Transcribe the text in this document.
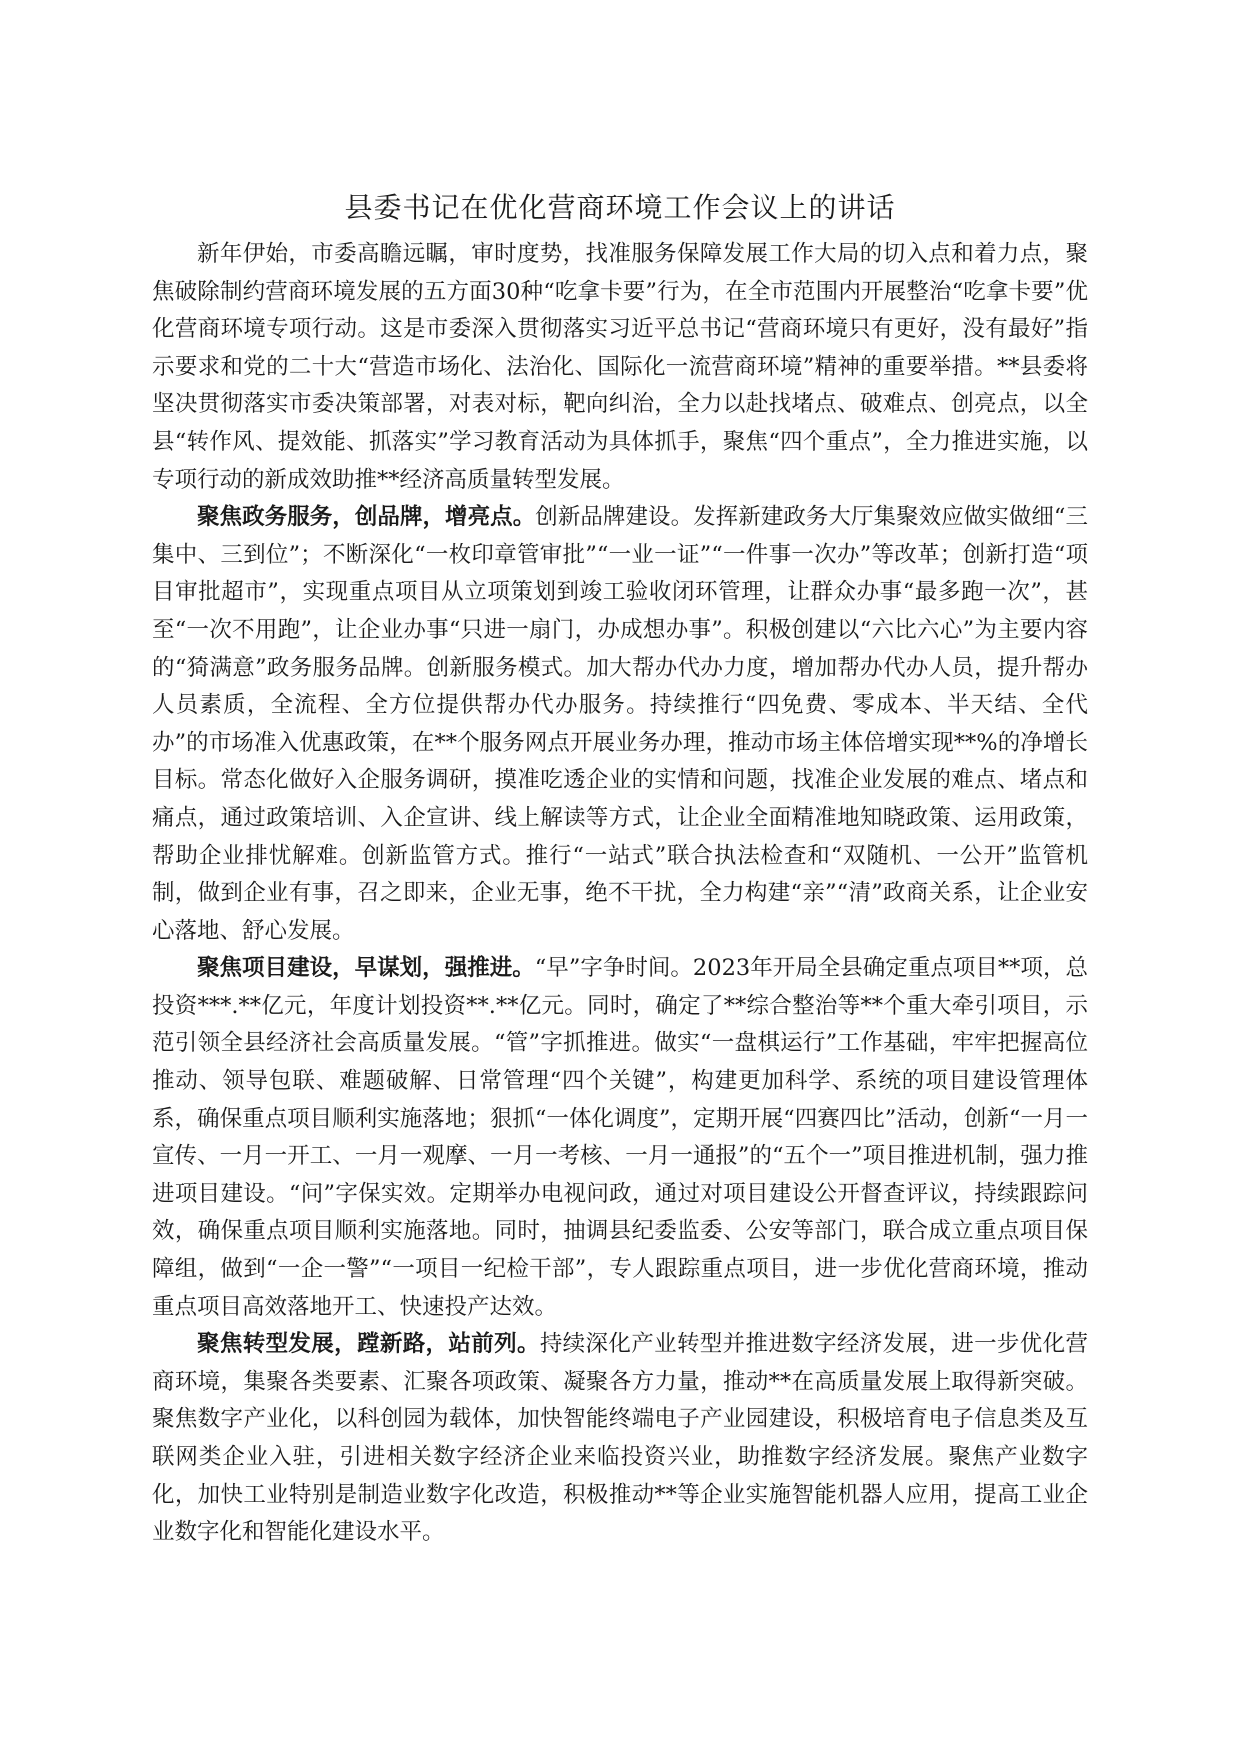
县委书记在优化营商环境工作会议上的讲话

新年伊始，市委高瞻远瞩，审时度势，找准服务保障发展工作大局的切入点和着力点，聚焦破除制约营商环境发展的五方面30种“吃拿卡要”行为，在全市范围内开展整治“吃拿卡要”优化营商环境专项行动。这是市委深入贯彻落实习近平总书记“营商环境只有更好，没有最好”指示要求和党的二十大“营造市场化、法治化、国际化一流营商环境”精神的重要举措。**县委将坚决贯彻落实市委决策部署，对表对标，靶向纠治，全力以赴找堵点、破难点、创亮点，以全县“转作风、提效能、抓落实”学习教育活动为具体抓手，聚焦“四个重点”，全力推进实施，以专项行动的新成效助推**经济高质量转型发展。

聚焦政务服务，创品牌，增亮点。创新品牌建设。发挥新建政务大厅集聚效应做实做细“三集中、三到位”；不断深化“一枚印章管审批”“一业一证”“一件事一次办”等改革；创新打造“项目审批超市”，实现重点项目从立项策划到竣工验收闭环管理，让群众办事“最多跑一次”，甚至“一次不用跑”，让企业办事“只进一扇门，办成想办事”。积极创建以“六比六心”为主要内容的“猗满意”政务服务品牌。创新服务模式。加大帮办代办力度，增加帮办代办人员，提升帮办人员素质，全流程、全方位提供帮办代办服务。持续推行“四免费、零成本、半天结、全代办”的市场准入优惠政策，在**个服务网点开展业务办理，推动市场主体倍增实现**%的净增长目标。常态化做好入企服务调研，摸准吃透企业的实情和问题，找准企业发展的难点、堵点和痛点，通过政策培训、入企宣讲、线上解读等方式，让企业全面精准地知晓政策、运用政策，帮助企业排忧解难。创新监管方式。推行“一站式”联合执法检查和“双随机、一公开”监管机制，做到企业有事，召之即来，企业无事，绝不干扰，全力构建“亲”“清”政商关系，让企业安心落地、舒心发展。

聚焦项目建设，早谋划，强推进。“早”字争时间。2023年开局全县确定重点项目**项，总投资***.**亿元，年度计划投资**.**亿元。同时，确定了**综合整治等**个重大牵引项目，示范引领全县经济社会高质量发展。“管”字抓推进。做实“一盘棋运行”工作基础，牢牢把握高位推动、领导包联、难题破解、日常管理“四个关键”，构建更加科学、系统的项目建设管理体系，确保重点项目顺利实施落地；狠抓“一体化调度”，定期开展“四赛四比”活动，创新“一月一宣传、一月一开工、一月一观摩、一月一考核、一月一通报”的“五个一”项目推进机制，强力推进项目建设。“问”字保实效。定期举办电视问政，通过对项目建设公开督查评议，持续跟踪问效，确保重点项目顺利实施落地。同时，抽调县纪委监委、公安等部门，联合成立重点项目保障组，做到“一企一警”“一项目一纪检干部”，专人跟踪重点项目，进一步优化营商环境，推动重点项目高效落地开工、快速投产达效。

聚焦转型发展，蹚新路，站前列。持续深化产业转型并推进数字经济发展，进一步优化营商环境，集聚各类要素、汇聚各项政策、凝聚各方力量，推动**在高质量发展上取得新突破。聚焦数字产业化，以科创园为载体，加快智能终端电子产业园建设，积极培育电子信息类及互联网类企业入驻，引进相关数字经济企业来临投资兴业，助推数字经济发展。聚焦产业数字化，加快工业特别是制造业数字化改造，积极推动**等企业实施智能机器人应用，提高工业企业数字化和智能化建设水平。
